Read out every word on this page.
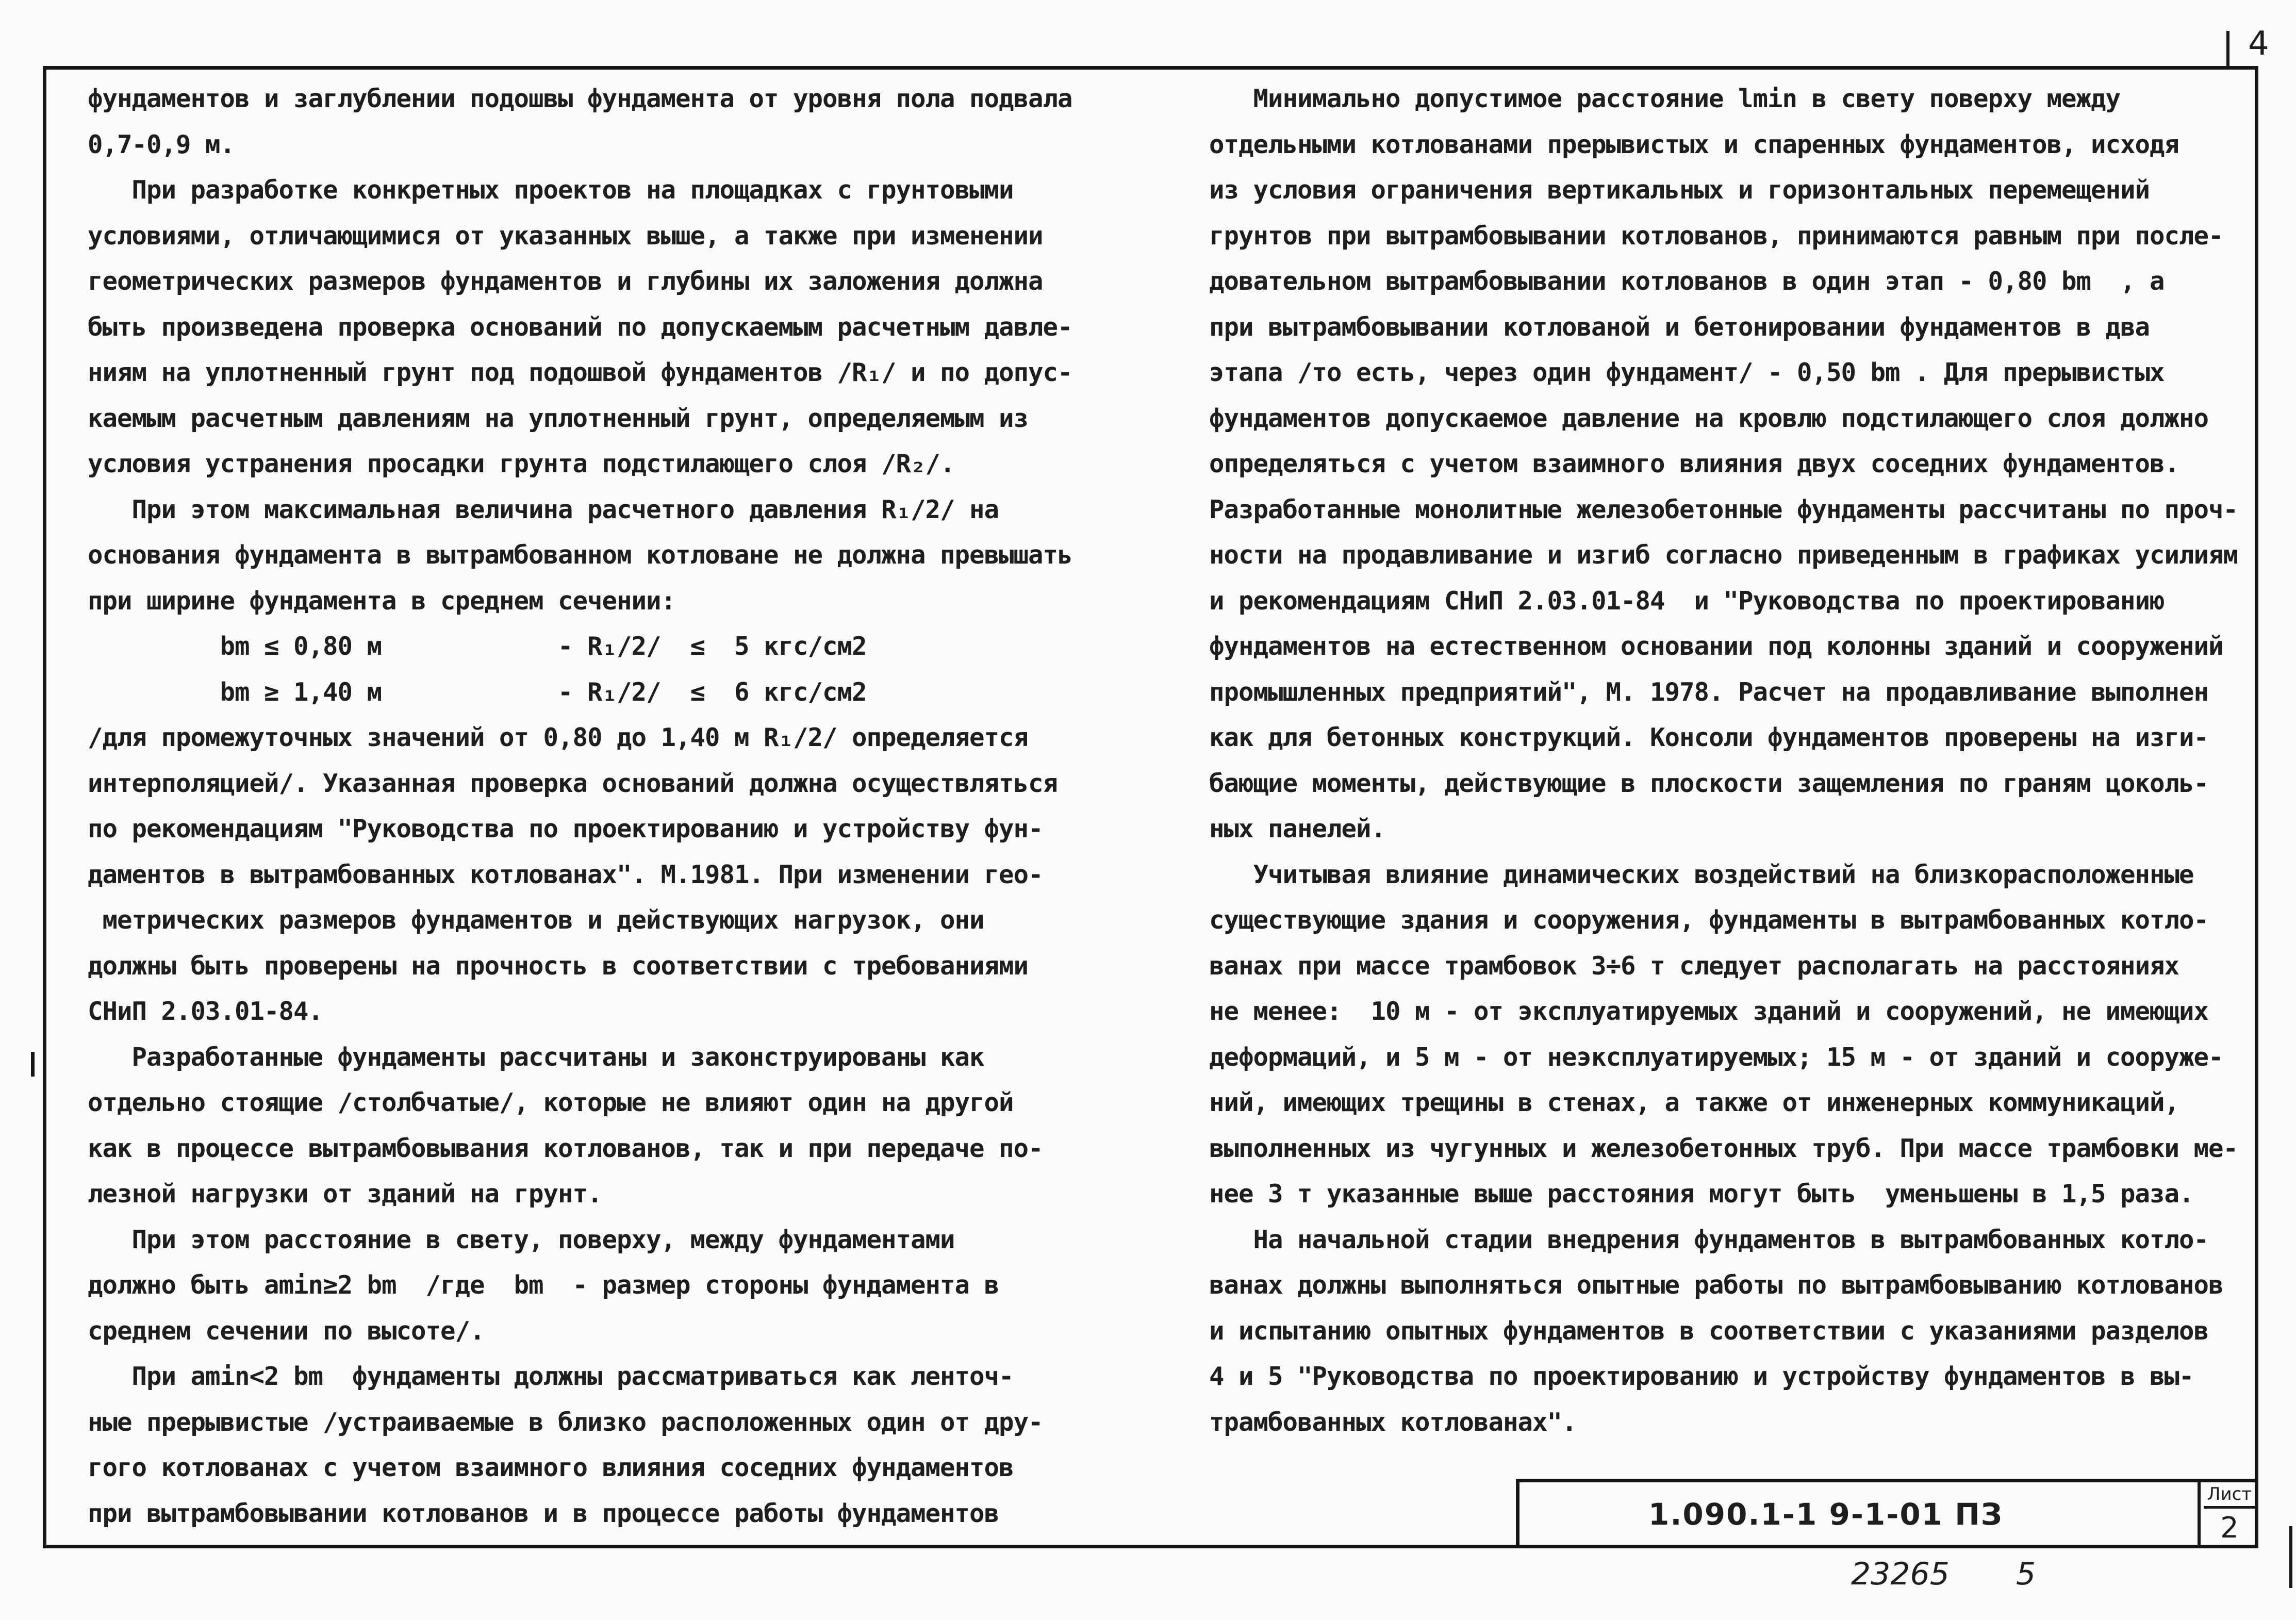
4
фундаментов и заглублении подошвы фундамента от уровня пола подвала
0,7-0,9 м.
При разработке конкретных проектов на площадках с грунтовыми
условиями, отличающимися от указанных выше, а также при изменении
геометрических размеров фундаментов и глубины их заложения должна
быть произведена проверка оснований по допускаемым расчетным давле-
ниям на уплотненный грунт под подошвой фундаментов /R₁/ и по допус-
каемым расчетным давлениям на уплотненный грунт, определяемым из
условия устранения просадки грунта подстилающего слоя /R₂/.
При этом максимальная величина расчетного давления R₁/2/ на
основания фундамента в вытрамбованном котловане не должна превышать
при ширине фундамента в среднем сечении:
bm ≤ 0,80 м            - R₁/2/  ≤  5 кгс/см2
bm ≥ 1,40 м            - R₁/2/  ≤  6 кгс/см2
/для промежуточных значений от 0,80 до 1,40 м R₁/2/ определяется
интерполяцией/. Указанная проверка оснований должна осуществляться
по рекомендациям "Руководства по проектированию и устройству фун-
даментов в вытрамбованных котлованах". М.1981. При изменении гео-
метрических размеров фундаментов и действующих нагрузок, они
должны быть проверены на прочность в соответствии с требованиями
СНиП 2.03.01-84.
Разработанные фундаменты рассчитаны и законструированы как
отдельно стоящие /столбчатые/, которые не влияют один на другой
как в процессе вытрамбовывания котлованов, так и при передаче по-
лезной нагрузки от зданий на грунт.
При этом расстояние в свету, поверху, между фундаментами
должно быть amin≥2 bm  /где  bm  - размер стороны фундамента в
среднем сечении по высоте/.
При amin<2 bm  фундаменты должны рассматриваться как ленточ-
ные прерывистые /устраиваемые в близко расположенных один от дру-
гого котлованах с учетом взаимного влияния соседних фундаментов
при вытрамбовывании котлованов и в процессе работы фундаментов
Минимально допустимое расстояние lmin в свету поверху между
отдельными котлованами прерывистых и спаренных фундаментов, исходя
из условия ограничения вертикальных и горизонтальных перемещений
грунтов при вытрамбовывании котлованов, принимаются равным при после-
довательном вытрамбовывании котлованов в один этап - 0,80 bm  , а
при вытрамбовывании котлованой и бетонировании фундаментов в два
этапа /то есть, через один фундамент/ - 0,50 bm . Для прерывистых
фундаментов допускаемое давление на кровлю подстилающего слоя должно
определяться с учетом взаимного влияния двух соседних фундаментов.
Разработанные монолитные железобетонные фундаменты рассчитаны по проч-
ности на продавливание и изгиб согласно приведенным в графиках усилиям
и рекомендациям СНиП 2.03.01-84  и "Руководства по проектированию
фундаментов на естественном основании под колонны зданий и сооружений
промышленных предприятий", М. 1978. Расчет на продавливание выполнен
как для бетонных конструкций. Консоли фундаментов проверены на изги-
бающие моменты, действующие в плоскости защемления по граням цоколь-
ных панелей.
Учитывая влияние динамических воздействий на близкорасположенные
существующие здания и сооружения, фундаменты в вытрамбованных котло-
ванах при массе трамбовок 3÷6 т следует располагать на расстояниях
не менее:  10 м - от эксплуатируемых зданий и сооружений, не имеющих
деформаций, и 5 м - от неэксплуатируемых; 15 м - от зданий и сооруже-
ний, имеющих трещины в стенах, а также от инженерных коммуникаций,
выполненных из чугунных и железобетонных труб. При массе трамбовки ме-
нее 3 т указанные выше расстояния могут быть  уменьшены в 1,5 раза.
На начальной стадии внедрения фундаментов в вытрамбованных котло-
ванах должны выполняться опытные работы по вытрамбовыванию котлованов
и испытанию опытных фундаментов в соответствии с указаниями разделов
4 и 5 "Руководства по проектированию и устройству фундаментов в вы-
трамбованных котлованах".
1.090.1-1 9-1-01 ПЗ
Лист
2
23265 5
